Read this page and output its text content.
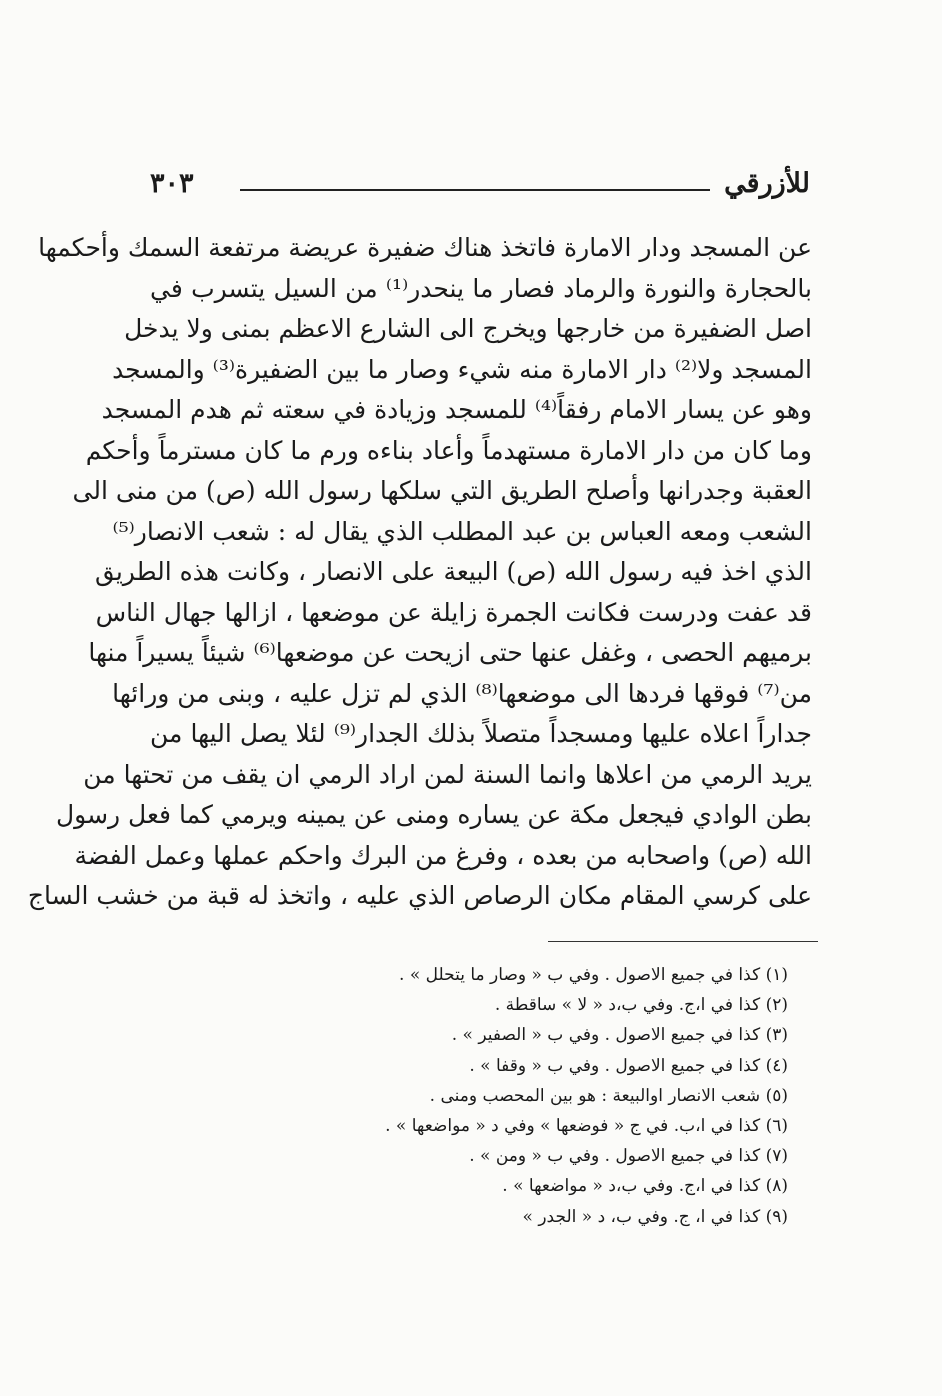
للأزرقي
٣٠٣
عن المسجد ودار الامارة فاتخذ هناك ضفيرة عريضة مرتفعة السمك وأحكمها
بالحجارة والنورة والرماد فصار ما ينحدر⁽¹⁾ من السيل يتسرب في
اصل الضفيرة من خارجها ويخرج الى الشارع الاعظم بمنى ولا يدخل
المسجد ولا⁽²⁾ دار الامارة منه شيء وصار ما بين الضفيرة⁽³⁾ والمسجد
وهو عن يسار الامام رفقاً⁽⁴⁾ للمسجد وزيادة في سعته ثم هدم المسجد
وما كان من دار الامارة مستهدماً وأعاد بناءه ورم ما كان مسترماً وأحكم
العقبة وجدرانها وأصلح الطريق التي سلكها رسول الله (ص) من منى الى
الشعب ومعه العباس بن عبد المطلب الذي يقال له : شعب الانصار⁽⁵⁾
الذي اخذ فيه رسول الله (ص) البيعة على الانصار ، وكانت هذه الطريق
قد عفت ودرست فكانت الجمرة زايلة عن موضعها ، ازالها جهال الناس
برميهم الحصى ، وغفل عنها حتى ازيحت عن موضعها⁽⁶⁾ شيئاً يسيراً منها
من⁽⁷⁾ فوقها فردها الى موضعها⁽⁸⁾ الذي لم تزل عليه ، وبنى من ورائها
جداراً اعلاه عليها ومسجداً متصلاً بذلك الجدار⁽⁹⁾ لئلا يصل اليها من
يريد الرمي من اعلاها وانما السنة لمن اراد الرمي ان يقف من تحتها من
بطن الوادي فيجعل مكة عن يساره ومنى عن يمينه ويرمي كما فعل رسول
الله (ص) واصحابه من بعده ، وفرغ من البرك واحكم عملها وعمل الفضة
على كرسي المقام مكان الرصاص الذي عليه ، واتخذ له قبة من خشب الساج
(١) كذا في جميع الاصول . وفي ب « وصار ما يتحلل » .
(٢) كذا في ا،ج. وفي ب،د « لا » ساقطة .
(٣) كذا في جميع الاصول . وفي ب « الصفير » .
(٤) كذا في جميع الاصول . وفي ب « وقفا » .
(٥) شعب الانصار اوالبيعة : هو بين المحصب ومنى .
(٦) كذا في ا،ب. في ج « فوضعها » وفي د « مواضعها » .
(٧) كذا في جميع الاصول . وفي ب « ومن » .
(٨) كذا في ا،ج. وفي ب،د « مواضعها » .
(٩) كذا في ا، ج. وفي ب، د « الجدر »
